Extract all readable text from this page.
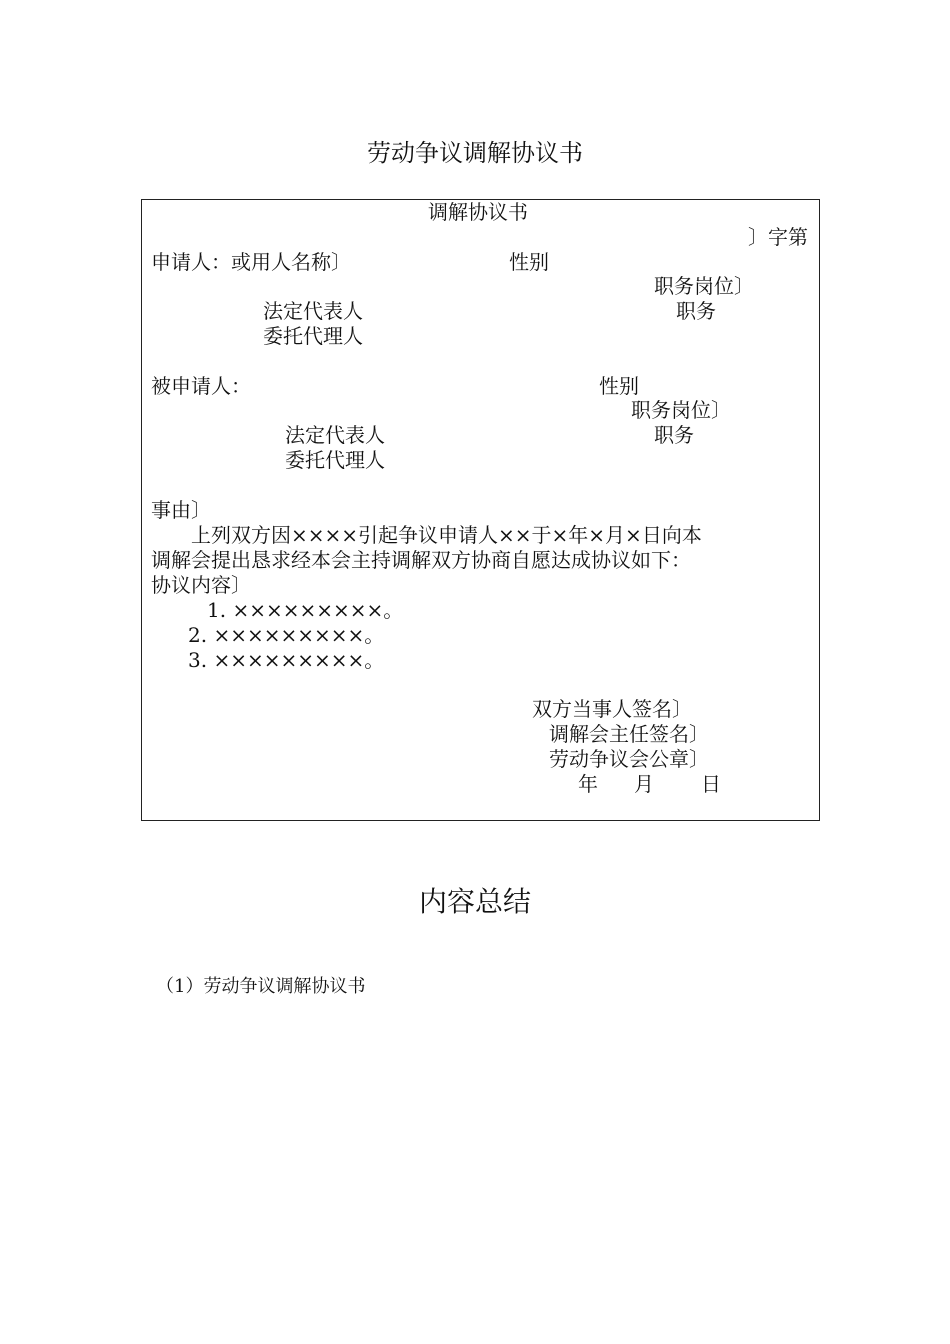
劳动争议调解协议书
调解协议书
〕字第
申请人：或用人名称〕	性别
职务岗位〕
法定代表人	职务
委托代理人
被申请人：	性别
职务岗位〕
法定代表人	职务
委托代理人
事由〕
上列双方因××××引起争议申请人××于×年×月×日向本
调解会提出恳求经本会主持调解双方协商自愿达成协议如下：
协议内容〕
1. ×××××××××。
2. ×××××××××。
3. ×××××××××。
双方当事人签名〕
调解会主任签名〕
劳动争议会公章〕
年 月 日
内容总结
（1）劳动争议调解协议书
